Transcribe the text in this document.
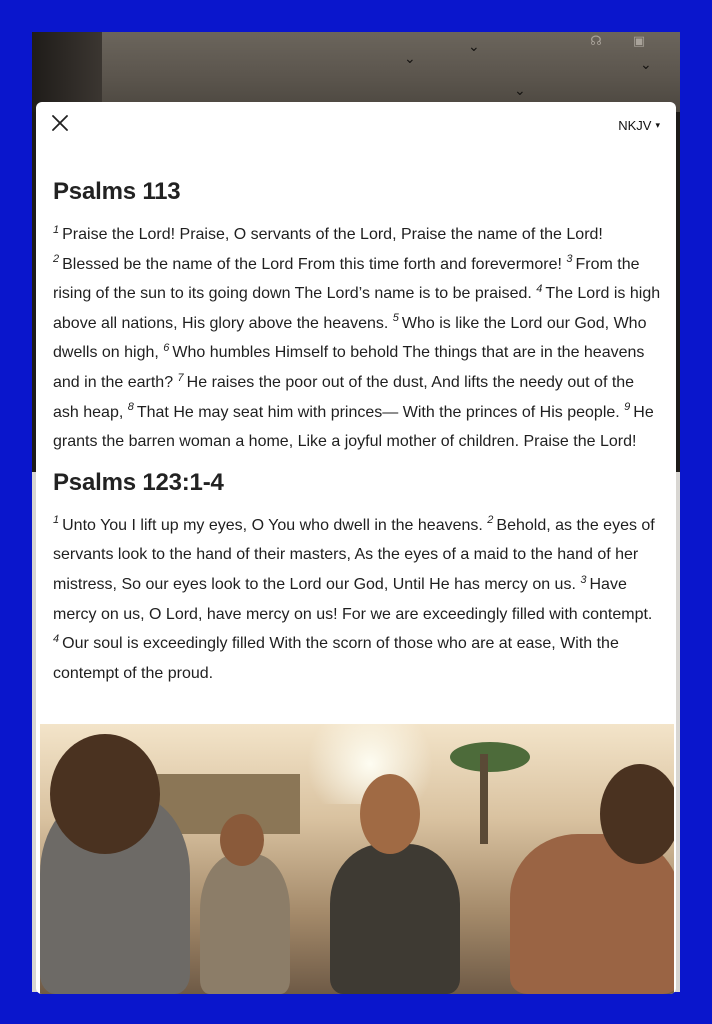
⌄
⌄
⌄
⌄
☊	▣
NKJV ▾
Psalms 113

$^1$ Praise the Lord! Praise, O servants of the Lord, Praise the name of the Lord! $^2$ Blessed be the name of the Lord From this time forth and forevermore! $^3$ From the rising of the sun to its going down The Lord’s name is to be praised. $^4$ The Lord is high above all nations, His glory above the heavens. $^5$ Who is like the Lord our God, Who dwells on high, $^6$ Who humbles Himself to behold The things that are in the heavens and in the earth? $^7$ He raises the poor out of the dust, And lifts the needy out of the ash heap, $^8$ That He may seat him with princes— With the princes of His people. $^9$ He grants the barren woman a home, Like a joyful mother of children. Praise the Lord!

Psalms 123:1-4

$^1$ Unto You I lift up my eyes, O You who dwell in the heavens. $^2$ Behold, as the eyes of servants look to the hand of their masters, As the eyes of a maid to the hand of her mistress, So our eyes look to the Lord our God, Until He has mercy on us. $^3$ Have mercy on us, O Lord, have mercy on us! For we are exceedingly filled with contempt. $^4$ Our soul is exceedingly filled With the scorn of those who are at ease, With the contempt of the proud.
